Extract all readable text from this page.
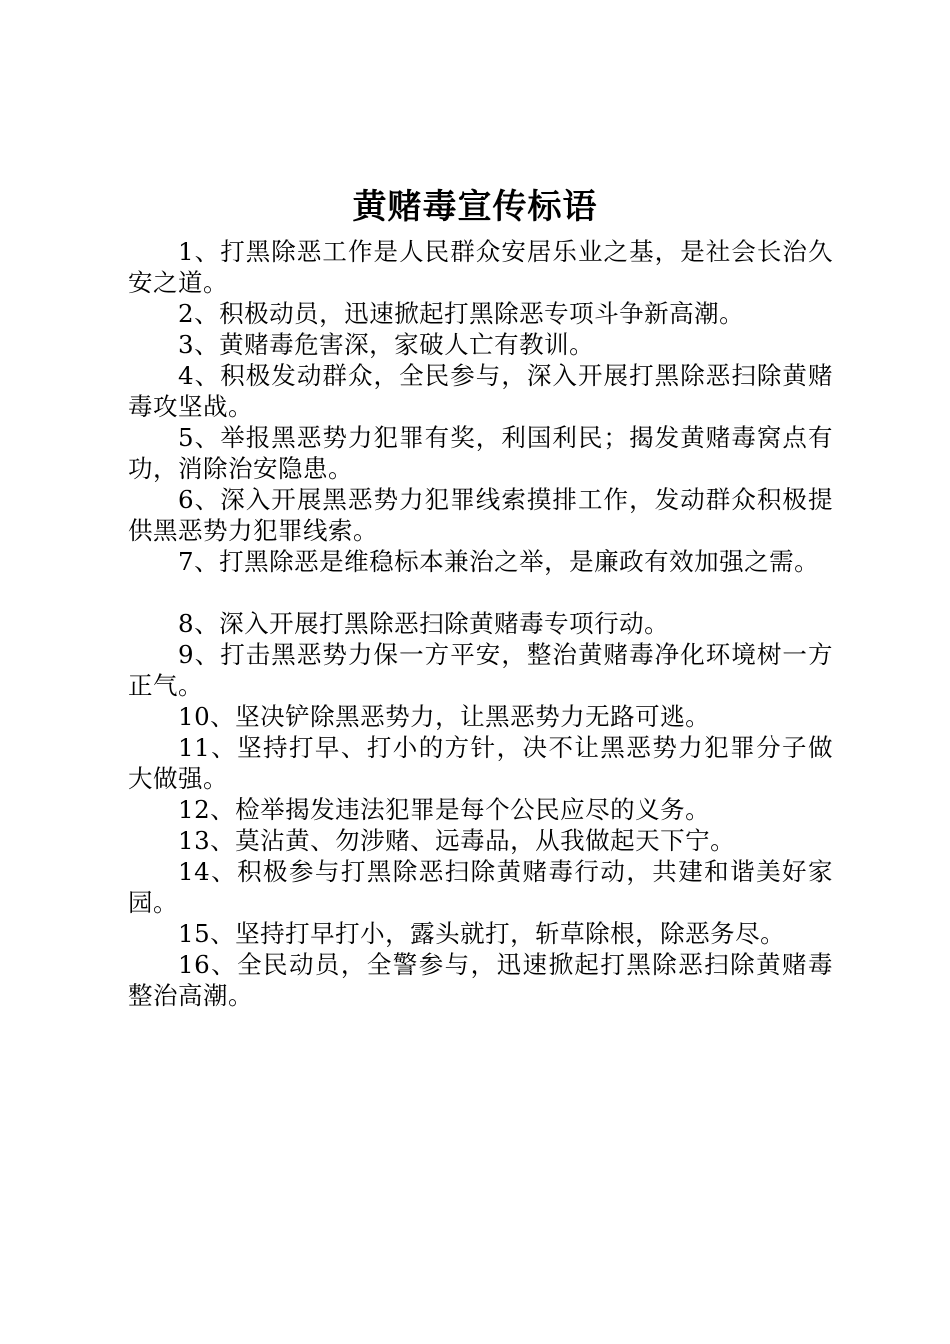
黄赌毒宣传标语

1、打黑除恶工作是人民群众安居乐业之基，是社会长治久安之道。

2、积极动员，迅速掀起打黑除恶专项斗争新高潮。

3、黄赌毒危害深，家破人亡有教训。

4、积极发动群众，全民参与，深入开展打黑除恶扫除黄赌毒攻坚战。

5、举报黑恶势力犯罪有奖，利国利民；揭发黄赌毒窝点有功，消除治安隐患。

6、深入开展黑恶势力犯罪线索摸排工作，发动群众积极提供黑恶势力犯罪线索。

7、打黑除恶是维稳标本兼治之举，是廉政有效加强之需。

8、深入开展打黑除恶扫除黄赌毒专项行动。

9、打击黑恶势力保一方平安，整治黄赌毒净化环境树一方正气。

10、坚决铲除黑恶势力，让黑恶势力无路可逃。

11、坚持打早、打小的方针，决不让黑恶势力犯罪分子做大做强。

12、检举揭发违法犯罪是每个公民应尽的义务。

13、莫沾黄、勿涉赌、远毒品，从我做起天下宁。

14、积极参与打黑除恶扫除黄赌毒行动，共建和谐美好家园。

15、坚持打早打小，露头就打，斩草除根，除恶务尽。

16、全民动员，全警参与，迅速掀起打黑除恶扫除黄赌毒整治高潮。
